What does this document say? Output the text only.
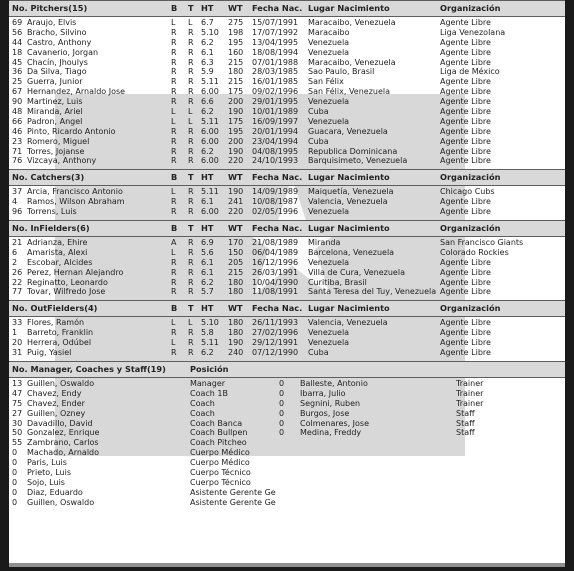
No. Pitchers(15)	B	T HT	WT	Fecha Nac. Lugar Nacimiento	Organización
69 Araujo, Elvis	L	L	6.7	275	15/07/1991	Maracaibo, Venezuela	Agente Libre
56 Bracho, Silvino	R	R 5.10	198	17/07/1992	Maracaibo	Liga Venezolana
44 Castro, Anthony	R	R 6.2	195	13/04/1995	Venezuela	Agente Libre
18 Cavanerio, Jorgan	R	R 6.1	160	18/08/1994	Venezuela	Agente Libre
45 Chacín, Jhoulys	R	R 6.3	215	07/01/1988	Maracaibo, Venezuela	Agente Libre
36 Da Silva, Tiago	R	R 5.9	180	28/03/1985	Sao Paulo, Brasil	Liga de México
25 Guerra, Junior	R	R 5.11	215	16/01/1985	San Félix	Agente Libre
67 Hernandez, Arnaldo Jose	R	R 6.00	175	09/02/1996	San Félix, Venezuela	Agente Libre
90 Martinez, Luis	R	R 6.6	200	29/01/1995	Venezuela	Agente Libre
48 Miranda, Ariel	L	L	6.2	190	10/01/1989	Cuba	Agente Libre
66 Padron, Angel	L	L	5.11	175	16/09/1997	Venezuela	Agente Libre
46 Pinto, Ricardo Antonio	R	R 6.00	195	20/01/1994	Guacara, Venezuela	Agente Libre
23 Romero, Miguel	R	R 6.00	200	23/04/1994	Cuba	Agente Libre
71 Torres, Jojanse	R	R 6.2	190	04/08/1995	Republica Dominicana	Agente Libre
76 Vizcaya, Anthony	R	R 6.00	220	24/10/1993	Barquisimeto, Venezuela	Agente Libre
No. Catchers(3)	B	T HT	WT	Fecha Nac. Lugar Nacimiento	Organización
37 Arcia, Francisco Antonio	L	R 5.11	190	14/09/1989	Maiquetía, Venezuela	Chicago Cubs
4	Ramos, Wilson Abraham	R	R 6.1	241	10/08/1987	Valencia, Venezuela	Agente Libre
96 Torrens, Luis	R	R 6.00	220	02/05/1996	Venezuela	Agente Libre
No. InFielders(6)	B	T HT	WT	Fecha Nac. Lugar Nacimiento	Organización
21 Adrianza, Ehire	A	R 6.9	170	21/08/1989	Miranda	San Francisco Giants
6	Amarista, Alexi	L	R 5.6	150	06/04/1989	Barcelona, Venezuela	Colorado Rockies
2	Escobar, Alcides	R	R 6.1	205	16/12/1996	Venezuela	Agente Libre
26 Perez, Hernan Alejandro	R	R 6.1	215	26/03/1991	Villa de Cura, Venezuela	Agente Libre
22 Reginatto, Leonardo	R	R 6.2	180	10/04/1990	Curitiba, Brasil	Agente Libre
77 Tovar, Wilfredo Jose	R	R 5.7	180	11/08/1991	Santa Teresa del Tuy, Venezuela Agente Libre
No. OutFielders(4)	B	T HT	WT	Fecha Nac. Lugar Nacimiento	Organización
33 Flores, Ramón	L	L	5.10	180	26/11/1993	Valencia, Venezuela	Agente Libre
1	Barreto, Franklin	R	R 5.8	180	27/02/1996	Venezuela	Agente Libre
20 Herrera, Odúbel	L	R 5.11	190	29/12/1991	Venezuela	Agente Libre
31 Puig, Yasiel	R	R 6.2	240	07/12/1990	Cuba	Agente Libre
No. Manager, Coaches y Staff(19)	Posición
13 Guillen, Oswaldo	Manager	0	Balleste, Antonio	Trainer
47 Chavez, Endy	Coach 1B	0	Ibarra, Julio	Trainer
75 Chavez, Ender	Coach	0	Segnini, Ruben	Trainer
27 Guillen, Ozney	Coach	0	Burgos, Jose	Staff
30 Davadillo, David	Coach Banca	0	Colmenares, Jose	Staff
50 Gonzalez, Enrique	Coach Bullpen	0	Medina, Freddy	Staff
55 Zambrano, Carlos	Coach Pitcheo
0	Machado, Arnaldo	Cuerpo Médico
0	Paris, Luis	Cuerpo Médico
0	Prieto, Luis	Cuerpo Técnico
0	Sojo, Luis	Cuerpo Técnico
0	Diaz, Eduardo	Asistente Gerente Ge
0	Guillen, Oswaldo	Asistente Gerente Ge
